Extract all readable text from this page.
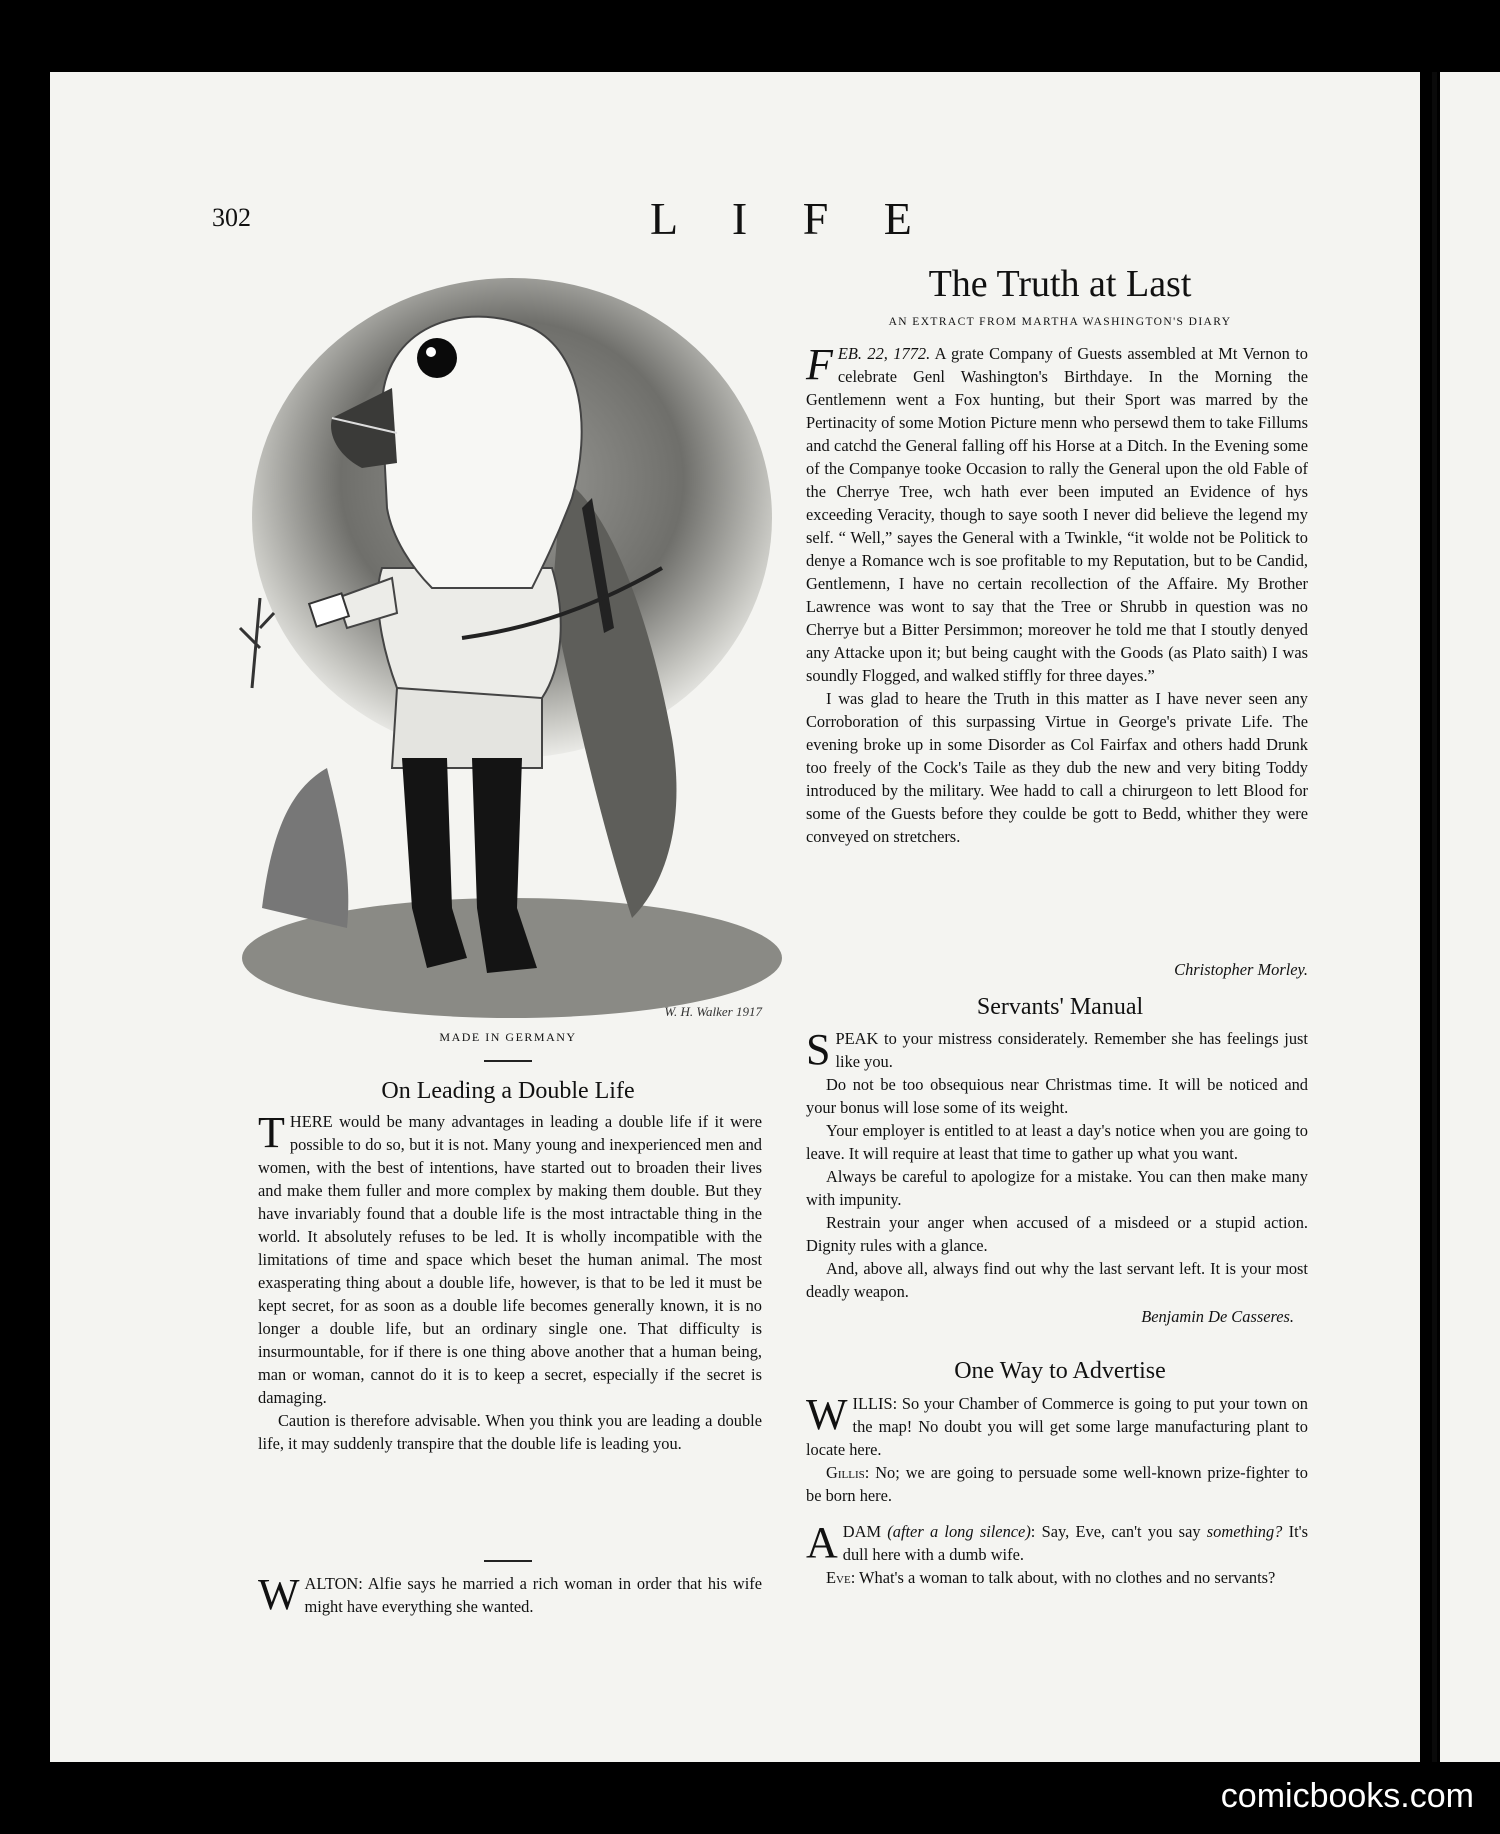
302	L I F E
W. H. Walker 1917
MADE IN GERMANY
The Truth at Last
AN EXTRACT FROM MARTHA WASHINGTON'S DIARY

FEB. 22, 1772. A grate Company of Guests assembled at Mt Vernon to celebrate Genl Washington's Birthdaye. In the Morning the Gentlemenn went a Fox hunting, but their Sport was marred by the Pertinacity of some Motion Picture menn who persewd them to take Fillums and catchd the General falling off his Horse at a Ditch. In the Evening some of the Companye tooke Occasion to rally the General upon the old Fable of the Cherrye Tree, wch hath ever been imputed an Evidence of hys exceeding Veracity, though to saye sooth I never did believe the legend my self. “ Well,” sayes the General with a Twinkle, “it wolde not be Politick to denye a Romance wch is soe profitable to my Reputation, but to be Candid, Gentlemenn, I have no certain recollection of the Affaire. My Brother Lawrence was wont to say that the Tree or Shrubb in question was no Cherrye but a Bitter Persimmon; moreover he told me that I stoutly denyed any Attacke upon it; but being caught with the Goods (as Plato saith) I was soundly Flogged, and walked stiffly for three dayes.”

I was glad to heare the Truth in this matter as I have never seen any Corroboration of this surpassing Virtue in George's private Life. The evening broke up in some Disorder as Col Fairfax and others hadd Drunk too freely of the Cock's Taile as they dub the new and very biting Toddy introduced by the military. Wee hadd to call a chirurgeon to lett Blood for some of the Guests before they coulde be gott to Bedd, whither they were conveyed on stretchers.

Christopher Morley.
Servants' Manual

SPEAK to your mistress considerately. Remember she has feelings just like you.

Do not be too obsequious near Christmas time. It will be noticed and your bonus will lose some of its weight.

Your employer is entitled to at least a day's notice when you are going to leave. It will require at least that time to gather up what you want.

Always be careful to apologize for a mistake. You can then make many with impunity.

Restrain your anger when accused of a misdeed or a stupid action. Dignity rules with a glance.

And, above all, always find out why the last servant left. It is your most deadly weapon.

Benjamin De Casseres.

One Way to Advertise

WILLIS: So your Chamber of Commerce is going to put your town on the map! No doubt you will get some large manufacturing plant to locate here.

Gillis: No; we are going to persuade some well-known prize-fighter to be born here.

ADAM (after a long silence): Say, Eve, can't you say something? It's dull here with a dumb wife.

Eve: What's a woman to talk about, with no clothes and no servants?

On Leading a Double Life

THERE would be many advantages in leading a double life if it were possible to do so, but it is not. Many young and inexperienced men and women, with the best of intentions, have started out to broaden their lives and make them fuller and more complex by making them double. But they have invariably found that a double life is the most intractable thing in the world. It absolutely refuses to be led. It is wholly incompatible with the limitations of time and space which beset the human animal. The most exasperating thing about a double life, however, is that to be led it must be kept secret, for as soon as a double life becomes generally known, it is no longer a double life, but an ordinary single one. That difficulty is insurmountable, for if there is one thing above another that a human being, man or woman, cannot do it is to keep a secret, especially if the secret is damaging.

Caution is therefore advisable. When you think you are leading a double life, it may suddenly transpire that the double life is leading you.

WALTON: Alfie says he married a rich woman in order that his wife might have everything she wanted.

comicbooks.com
